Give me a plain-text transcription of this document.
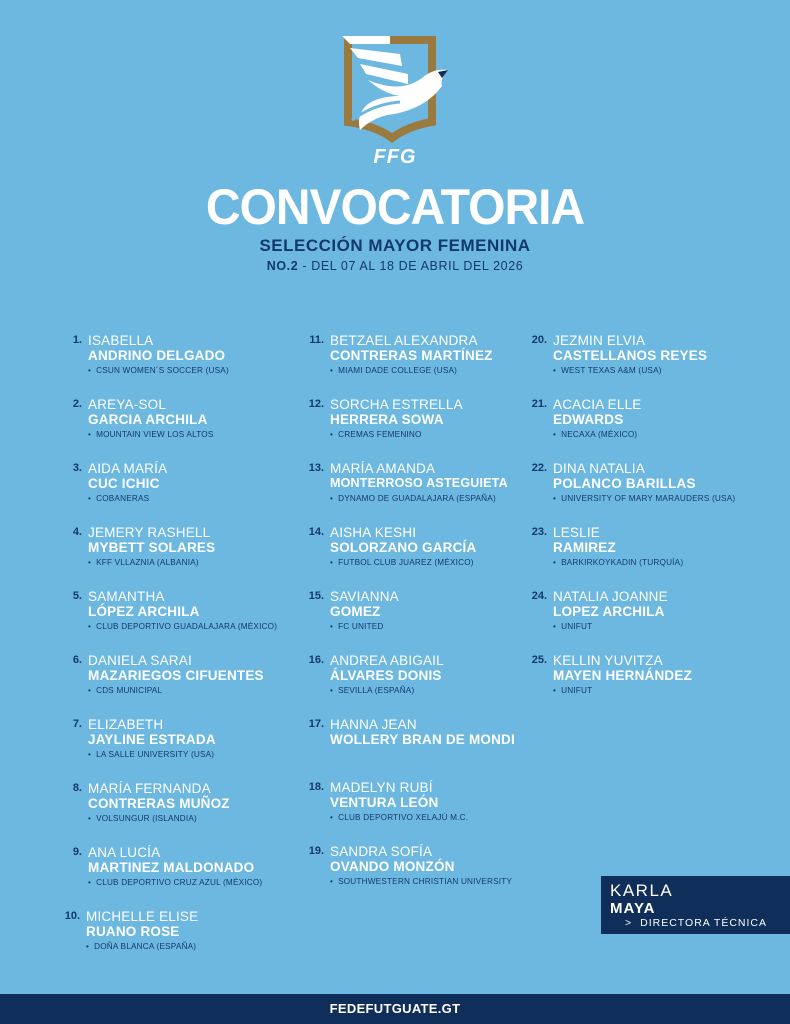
FFG
CONVOCATORIA
SELECCIÓN MAYOR FEMENINA
NO.2 - DEL 07 AL 18 DE ABRIL DEL 2026
1. ISABELLA
ANDRINO DELGADO
• CSUN WOMEN´S SOCCER (USA)
2. AREYA-SOL
GARCIA ARCHILA
• MOUNTAIN VIEW LOS ALTOS
3. AIDA MARÍA
CUC ICHIC
• COBANERAS
4. JEMERY RASHELL
MYBETT SOLARES
• KFF VLLAZNIA (ALBANIA)
5. SAMANTHA
LÓPEZ ARCHILA
• CLUB DEPORTIVO GUADALAJARA (MÉXICO)
6. DANIELA SARAI
MAZARIEGOS CIFUENTES
• CDS MUNICIPAL
7. ELIZABETH
JAYLINE ESTRADA
• LA SALLE UNIVERSITY (USA)
8. MARÍA FERNANDA
CONTRERAS MUÑOZ
• VOLSUNGUR (ISLANDIA)
9. ANA LUCÍA
MARTINEZ MALDONADO
• CLUB DEPORTIVO CRUZ AZUL (MÉXICO)
10. MICHELLE ELISE
RUANO ROSE
• DOÑA BLANCA (ESPAÑA)
11. BETZAEL ALEXANDRA
CONTRERAS MARTÍNEZ
• MIAMI DADE COLLEGE (USA)
12. SORCHA ESTRELLA
HERRERA SOWA
• CREMAS FEMENINO
13. MARÍA AMANDA
MONTERROSO ASTEGUIETA
• DYNAMO DE GUADALAJARA (ESPAÑA)
14. AISHA KESHI
SOLORZANO GARCÍA
• FUTBOL CLUB JUAREZ (MÉXICO)
15. SAVIANNA
GOMEZ
• FC UNITED
16. ANDREA ABIGAIL
ÁLVARES DONIS
• SEVILLA (ESPAÑA)
17. HANNA JEAN
WOLLERY BRAN DE MONDI
18. MADELYN RUBÍ
VENTURA LEÓN
• CLUB DEPORTIVO XELAJÚ M.C.
19. SANDRA SOFÍA
OVANDO MONZÓN
• SOUTHWESTERN CHRISTIAN UNIVERSITY
20. JEZMIN ELVIA
CASTELLANOS REYES
• WEST TEXAS A&M (USA)
21. ACACIA ELLE
EDWARDS
• NECAXA (MÉXICO)
22. DINA NATALIA
POLANCO BARILLAS
• UNIVERSITY OF MARY MARAUDERS (USA)
23. LESLIE
RAMIREZ
• BARKIRKOYKADIN (TURQUÍA)
24. NATALIA JOANNE
LOPEZ ARCHILA
• UNIFUT
25. KELLIN YUVITZA
MAYEN HERNÁNDEZ
• UNIFUT
KARLA
MAYA
> DIRECTORA TÉCNICA
FEDEFUTGUATE.GT
